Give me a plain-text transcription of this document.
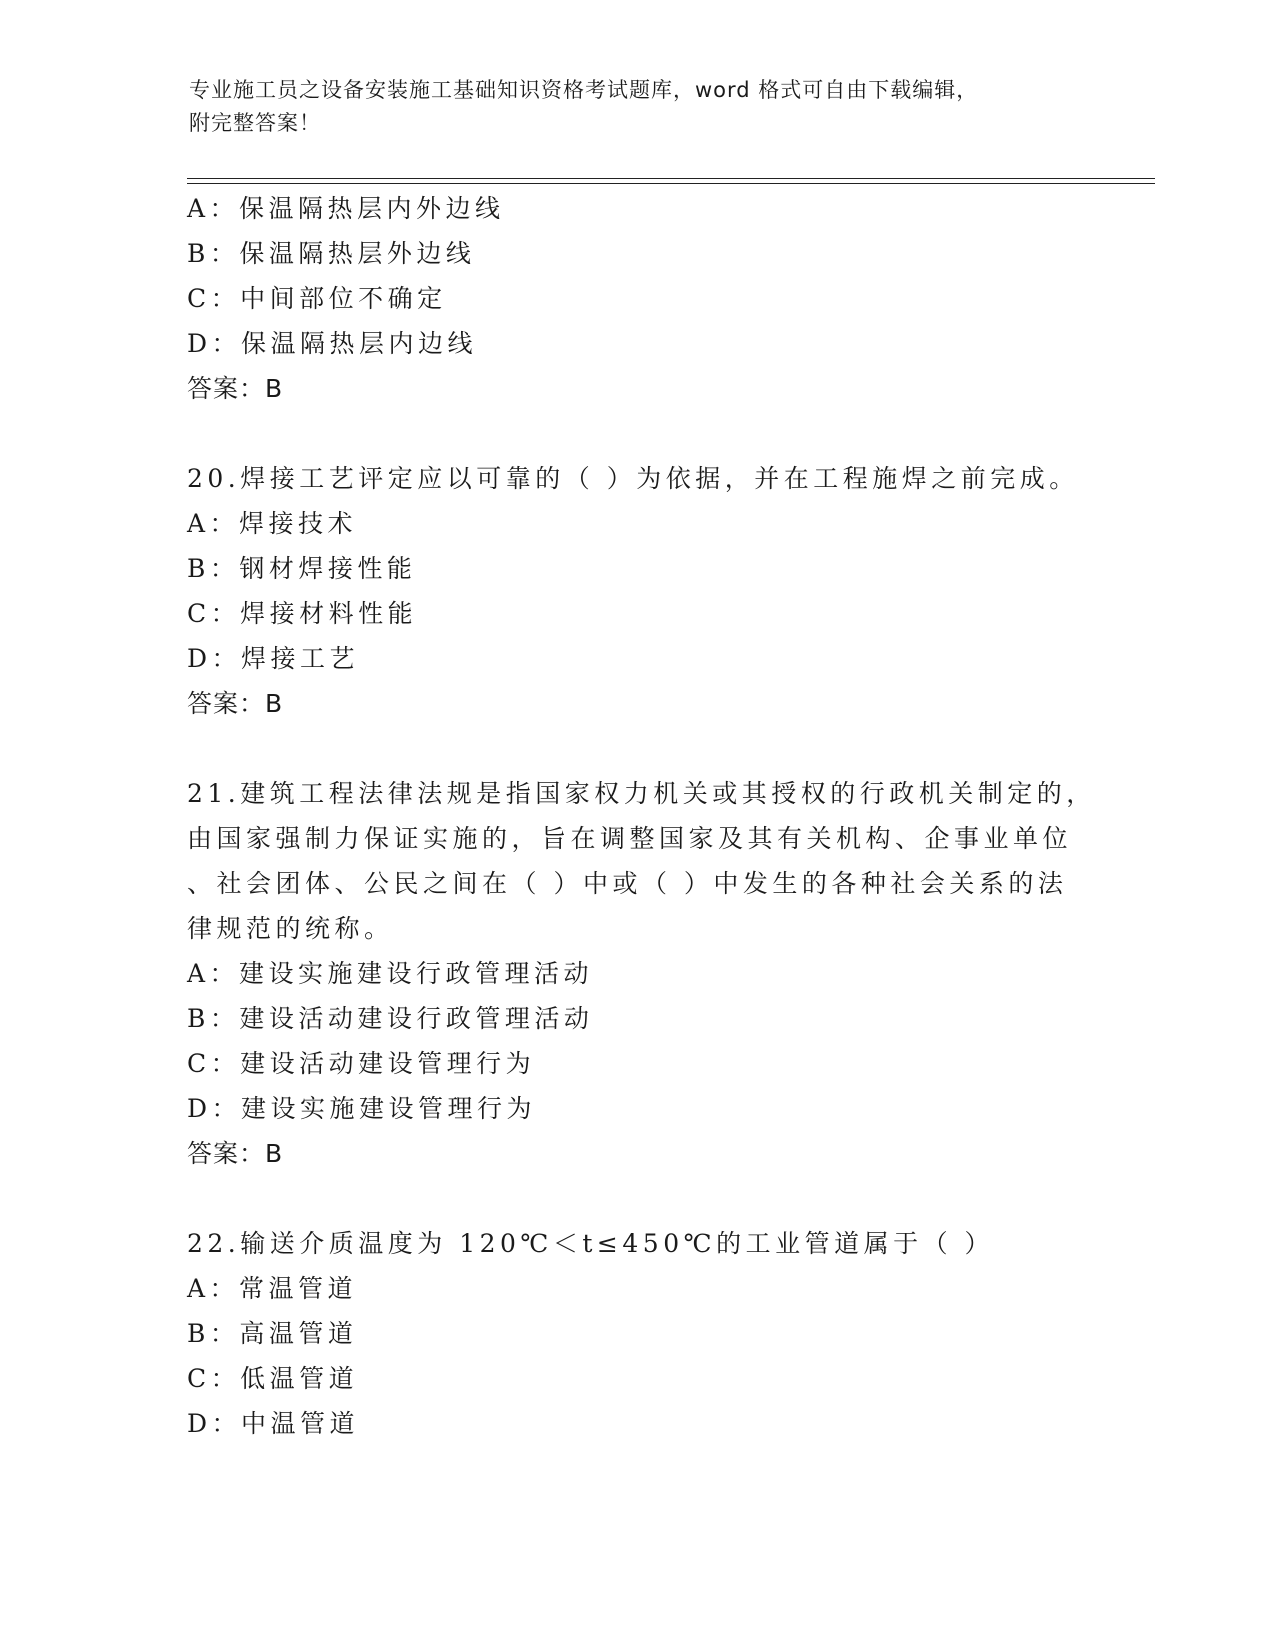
专业施工员之设备安装施工基础知识资格考试题库，word 格式可自由下载编辑，
附完整答案！
A：保温隔热层内外边线
B：保温隔热层外边线
C：中间部位不确定
D：保温隔热层内边线
答案：B
20.焊接工艺评定应以可靠的（ ）为依据，并在工程施焊之前完成。
A：焊接技术
B：钢材焊接性能
C：焊接材料性能
D：焊接工艺
答案：B
21.建筑工程法律法规是指国家权力机关或其授权的行政机关制定的，
由国家强制力保证实施的，旨在调整国家及其有关机构、企事业单位
、社会团体、公民之间在（ ）中或（ ）中发生的各种社会关系的法
律规范的统称。
A：建设实施建设行政管理活动
B：建设活动建设行政管理活动
C：建设活动建设管理行为
D：建设实施建设管理行为
答案：B
22.输送介质温度为 120℃＜t≤450℃的工业管道属于（ ）
A：常温管道
B：高温管道
C：低温管道
D：中温管道
